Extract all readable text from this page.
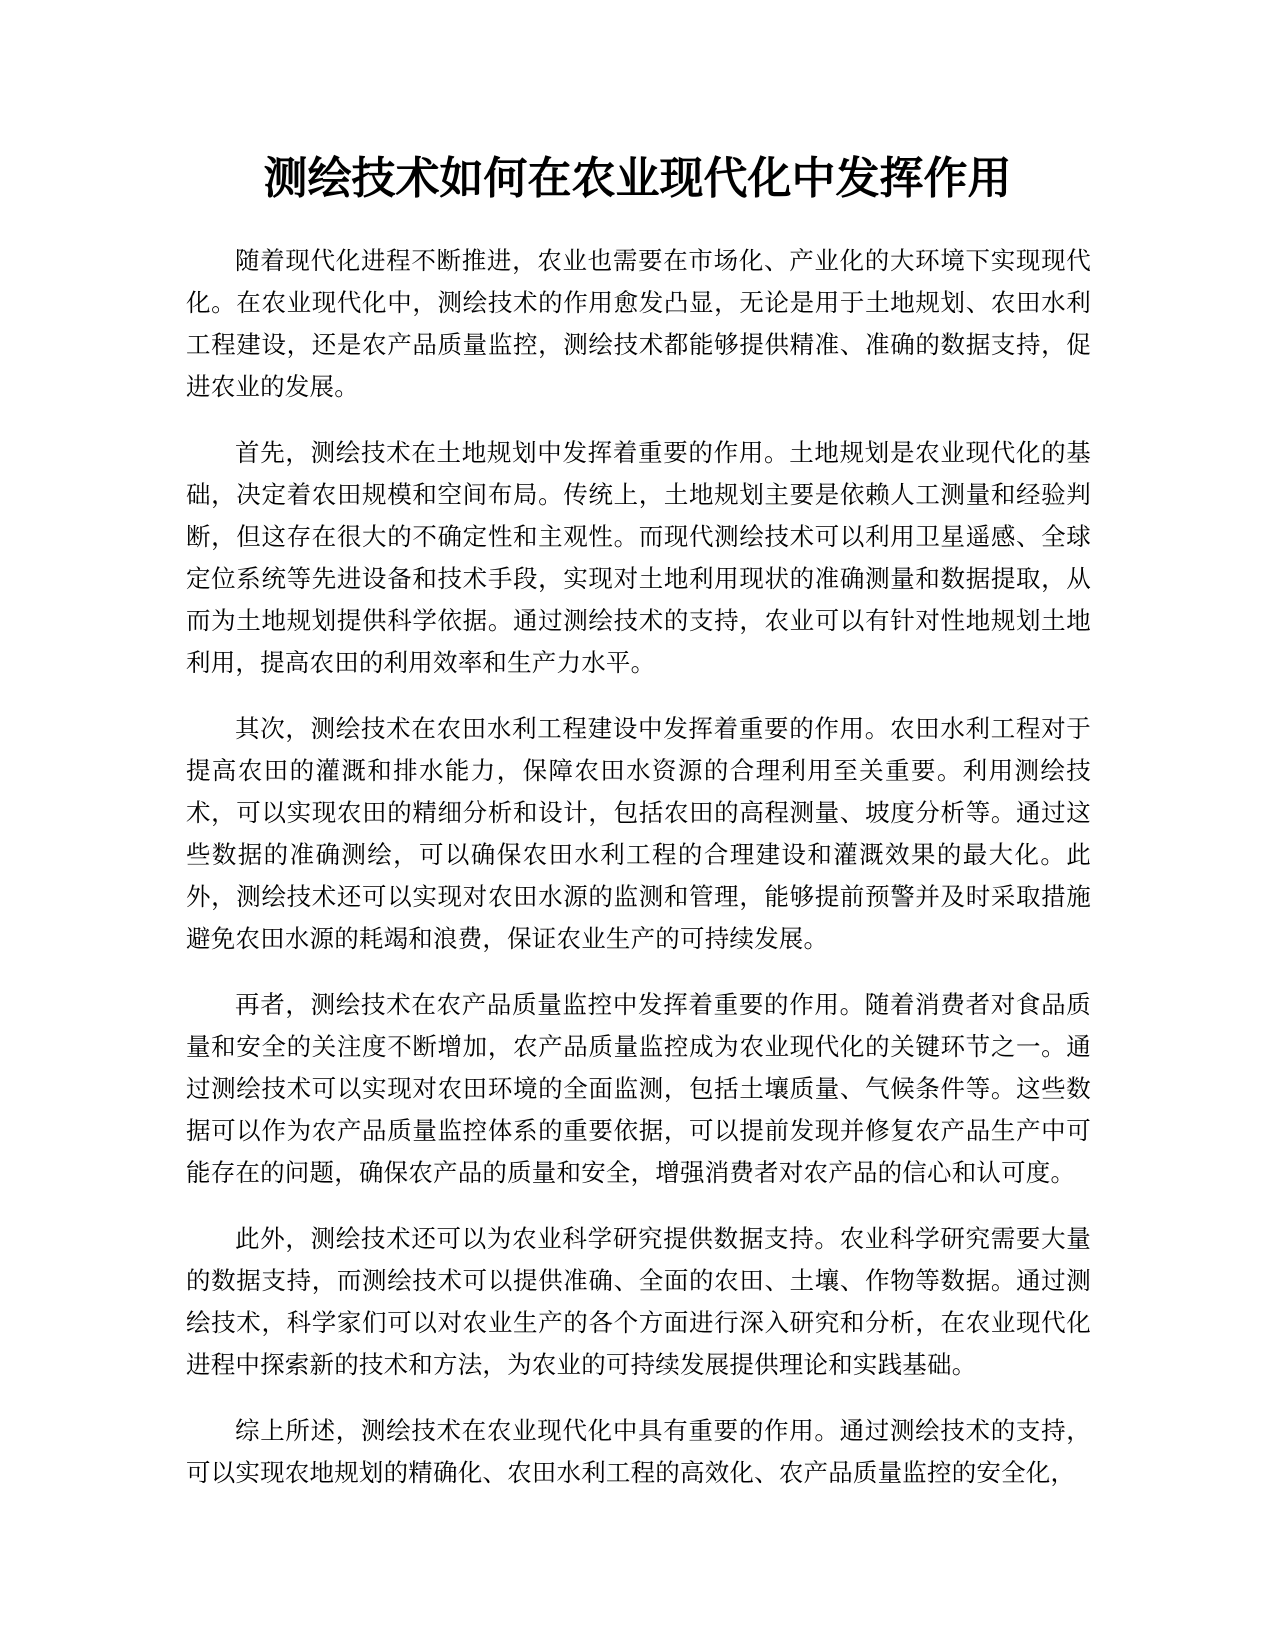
测绘技术如何在农业现代化中发挥作用

随着现代化进程不断推进，农业也需要在市场化、产业化的大环境下实现现代化。在农业现代化中，测绘技术的作用愈发凸显，无论是用于土地规划、农田水利工程建设，还是农产品质量监控，测绘技术都能够提供精准、准确的数据支持，促进农业的发展。

首先，测绘技术在土地规划中发挥着重要的作用。土地规划是农业现代化的基础，决定着农田规模和空间布局。传统上，土地规划主要是依赖人工测量和经验判断，但这存在很大的不确定性和主观性。而现代测绘技术可以利用卫星遥感、全球定位系统等先进设备和技术手段，实现对土地利用现状的准确测量和数据提取，从而为土地规划提供科学依据。通过测绘技术的支持，农业可以有针对性地规划土地利用，提高农田的利用效率和生产力水平。

其次，测绘技术在农田水利工程建设中发挥着重要的作用。农田水利工程对于提高农田的灌溉和排水能力，保障农田水资源的合理利用至关重要。利用测绘技术，可以实现农田的精细分析和设计，包括农田的高程测量、坡度分析等。通过这些数据的准确测绘，可以确保农田水利工程的合理建设和灌溉效果的最大化。此外，测绘技术还可以实现对农田水源的监测和管理，能够提前预警并及时采取措施避免农田水源的耗竭和浪费，保证农业生产的可持续发展。

再者，测绘技术在农产品质量监控中发挥着重要的作用。随着消费者对食品质量和安全的关注度不断增加，农产品质量监控成为农业现代化的关键环节之一。通过测绘技术可以实现对农田环境的全面监测，包括土壤质量、气候条件等。这些数据可以作为农产品质量监控体系的重要依据，可以提前发现并修复农产品生产中可能存在的问题，确保农产品的质量和安全，增强消费者对农产品的信心和认可度。

此外，测绘技术还可以为农业科学研究提供数据支持。农业科学研究需要大量的数据支持，而测绘技术可以提供准确、全面的农田、土壤、作物等数据。通过测绘技术，科学家们可以对农业生产的各个方面进行深入研究和分析，在农业现代化进程中探索新的技术和方法，为农业的可持续发展提供理论和实践基础。

综上所述，测绘技术在农业现代化中具有重要的作用。通过测绘技术的支持，可以实现农地规划的精确化、农田水利工程的高效化、农产品质量监控的安全化，
